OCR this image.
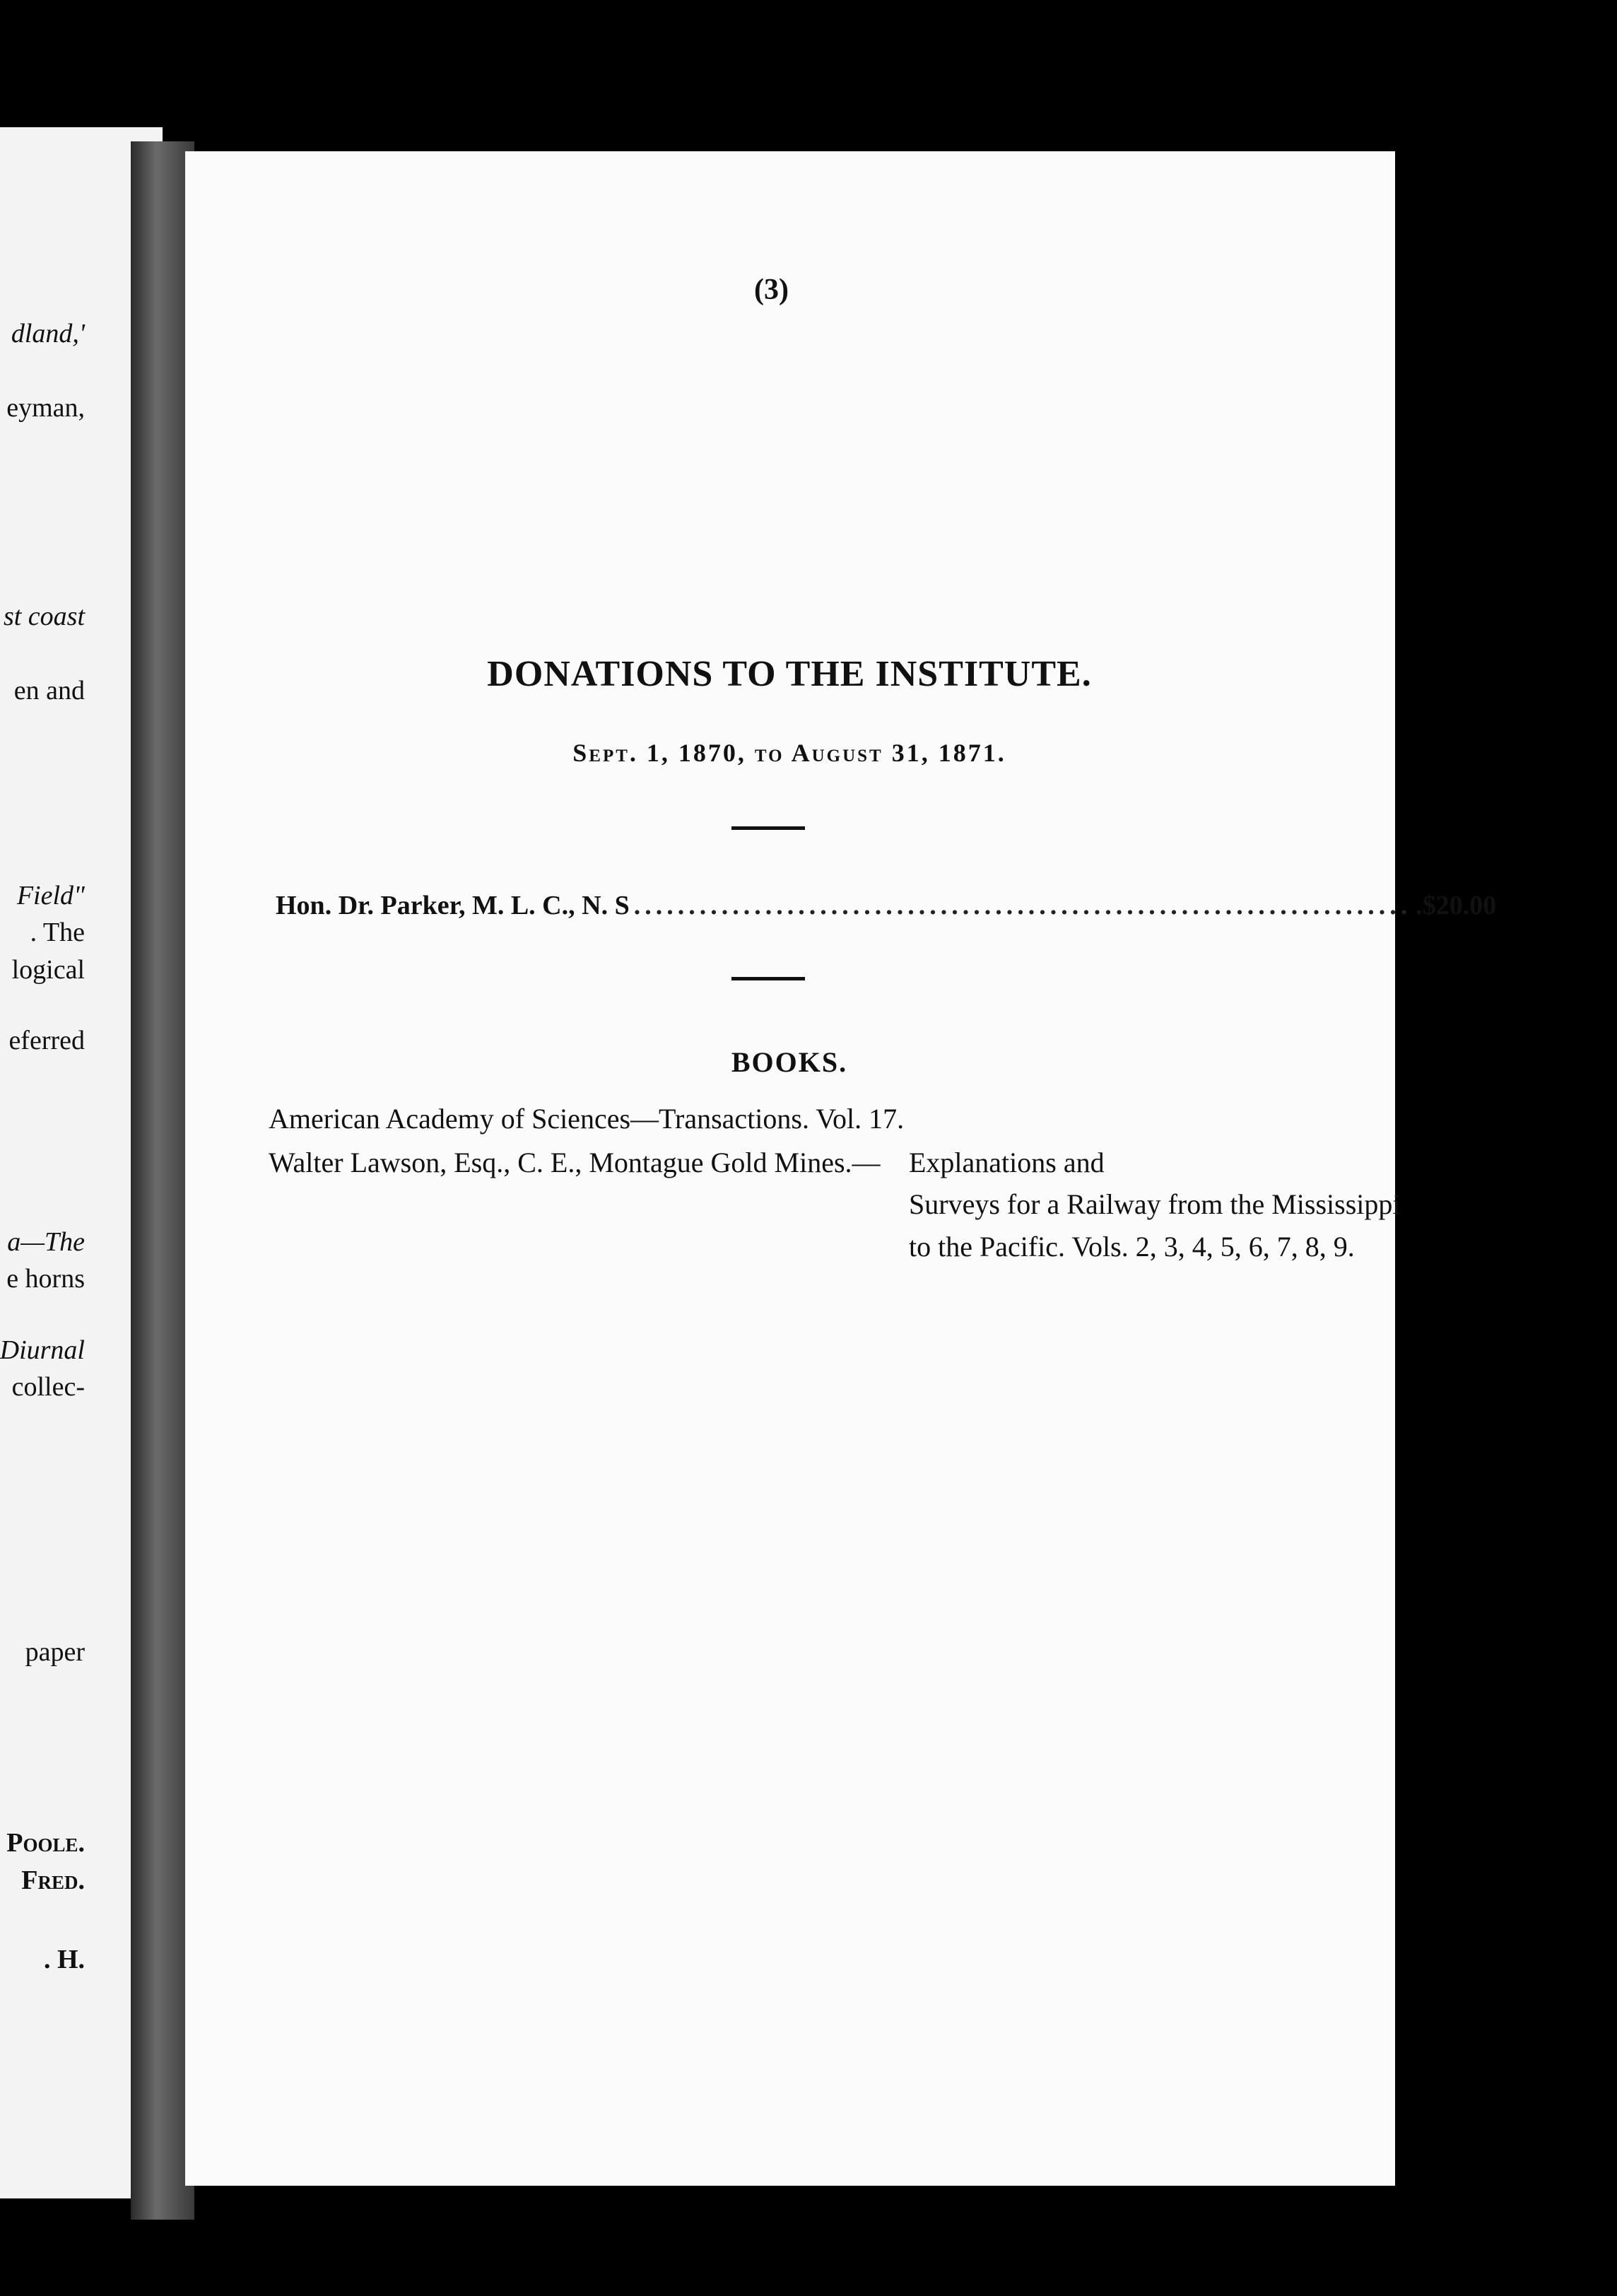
dland,'
eyman,
st coast
en and
Field"
. The
logical
eferred
a—The
e horns
Diurnal
collec-
paper
Poole.
Fred.
. H.
(3)
DONATIONS TO THE INSTITUTE.
Sept. 1, 1870, to August 31, 1871.
Hon. Dr. Parker, M. L. C., N. S ....................................................................... .$20.00
BOOKS.
American Academy of Sciences—Transactions. Vol. 17.
Walter Lawson, Esq., C. E., Montague Gold Mines.— Explanations and
Surveys for a Railway from the Mississippi
to the Pacific. Vols. 2, 3, 4, 5, 6, 7, 8, 9.
